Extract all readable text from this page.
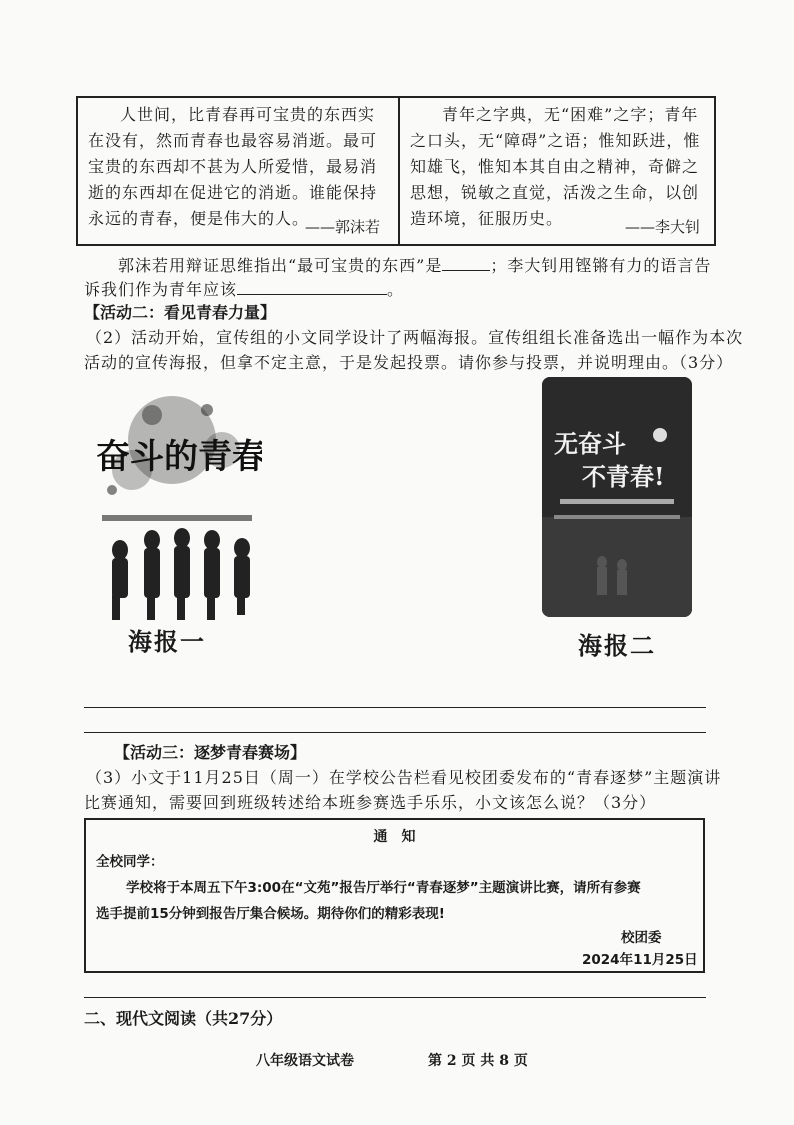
人世间，比青春再可宝贵的东西实在没有，然而青春也最容易消逝。最可宝贵的东西却不甚为人所爱惜，最易消逝的东西却在促进它的消逝。谁能保持永远的青春，便是伟大的人。

——郭沫若

青年之字典，无“困难”之字；青年之口头，无“障碍”之语；惟知跃进，惟知雄飞，惟知本其自由之精神，奇僻之思想，锐敏之直觉，活泼之生命，以创造环境，征服历史。	——李大钊
郭沫若用辩证思维指出“最可宝贵的东西”是	；李大钊用铿锵有力的语言告
诉我们作为青年应该	。
【活动二：看见青春力量】
（2）活动开始，宣传组的小文同学设计了两幅海报。宣传组组长准备选出一幅作为本次
活动的宣传海报，但拿不定主意，于是发起投票。请你参与投票，并说明理由。（3分）
奋斗的青春
海报一
无奋斗
不青春!
海报二
【活动三：逐梦青春赛场】
（3）小文于11月25日（周一）在学校公告栏看见校团委发布的“青春逐梦”主题演讲
比赛通知，需要回到班级转述给本班参赛选手乐乐，小文该怎么说？（3分）
通　知
全校同学：
学校将于本周五下午3:00在“文苑”报告厅举行“青春逐梦”主题演讲比赛，请所有参赛
选手提前15分钟到报告厅集合候场。期待你们的精彩表现!
校团委
2024年11月25日
二、现代文阅读（共27分）
八年级语文试卷	第 2 页 共 8 页
